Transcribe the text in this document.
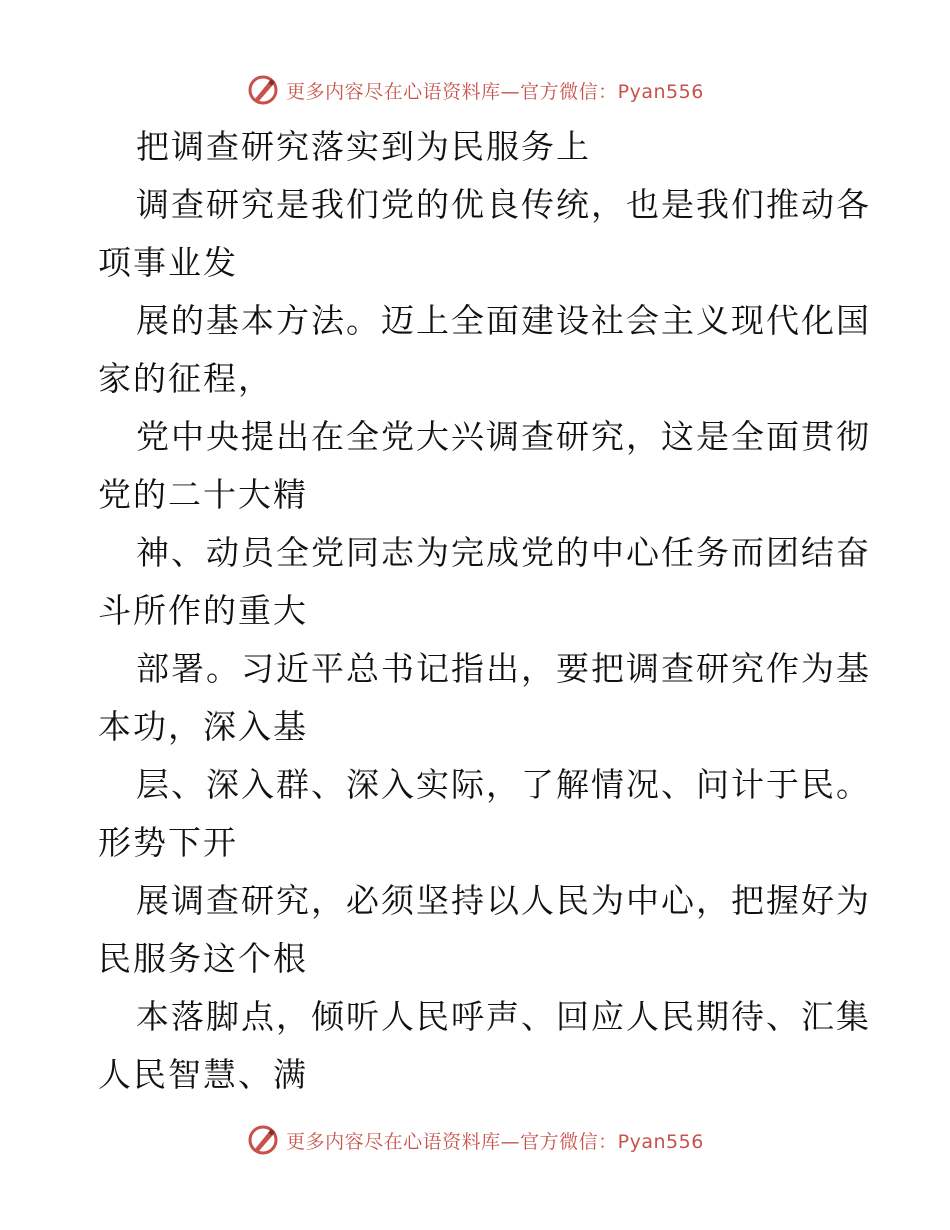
更多内容尽在心语资料库—官方微信：Pyan556
把调查研究落实到为民服务上
调查研究是我们党的优良传统，也是我们推动各
项事业发
展的基本方法。迈上全面建设社会主义现代化国
家的征程，
党中央提出在全党大兴调查研究，这是全面贯彻
党的二十大精
神、动员全党同志为完成党的中心任务而团结奋
斗所作的重大
部署。习近平总书记指出，要把调查研究作为基
本功，深入基
层、深入群、深入实际，了解情况、问计于民。
形势下开
展调查研究，必须坚持以人民为中心，把握好为
民服务这个根
本落脚点，倾听人民呼声、回应人民期待、汇集
人民智慧、满
更多内容尽在心语资料库—官方微信：Pyan556
